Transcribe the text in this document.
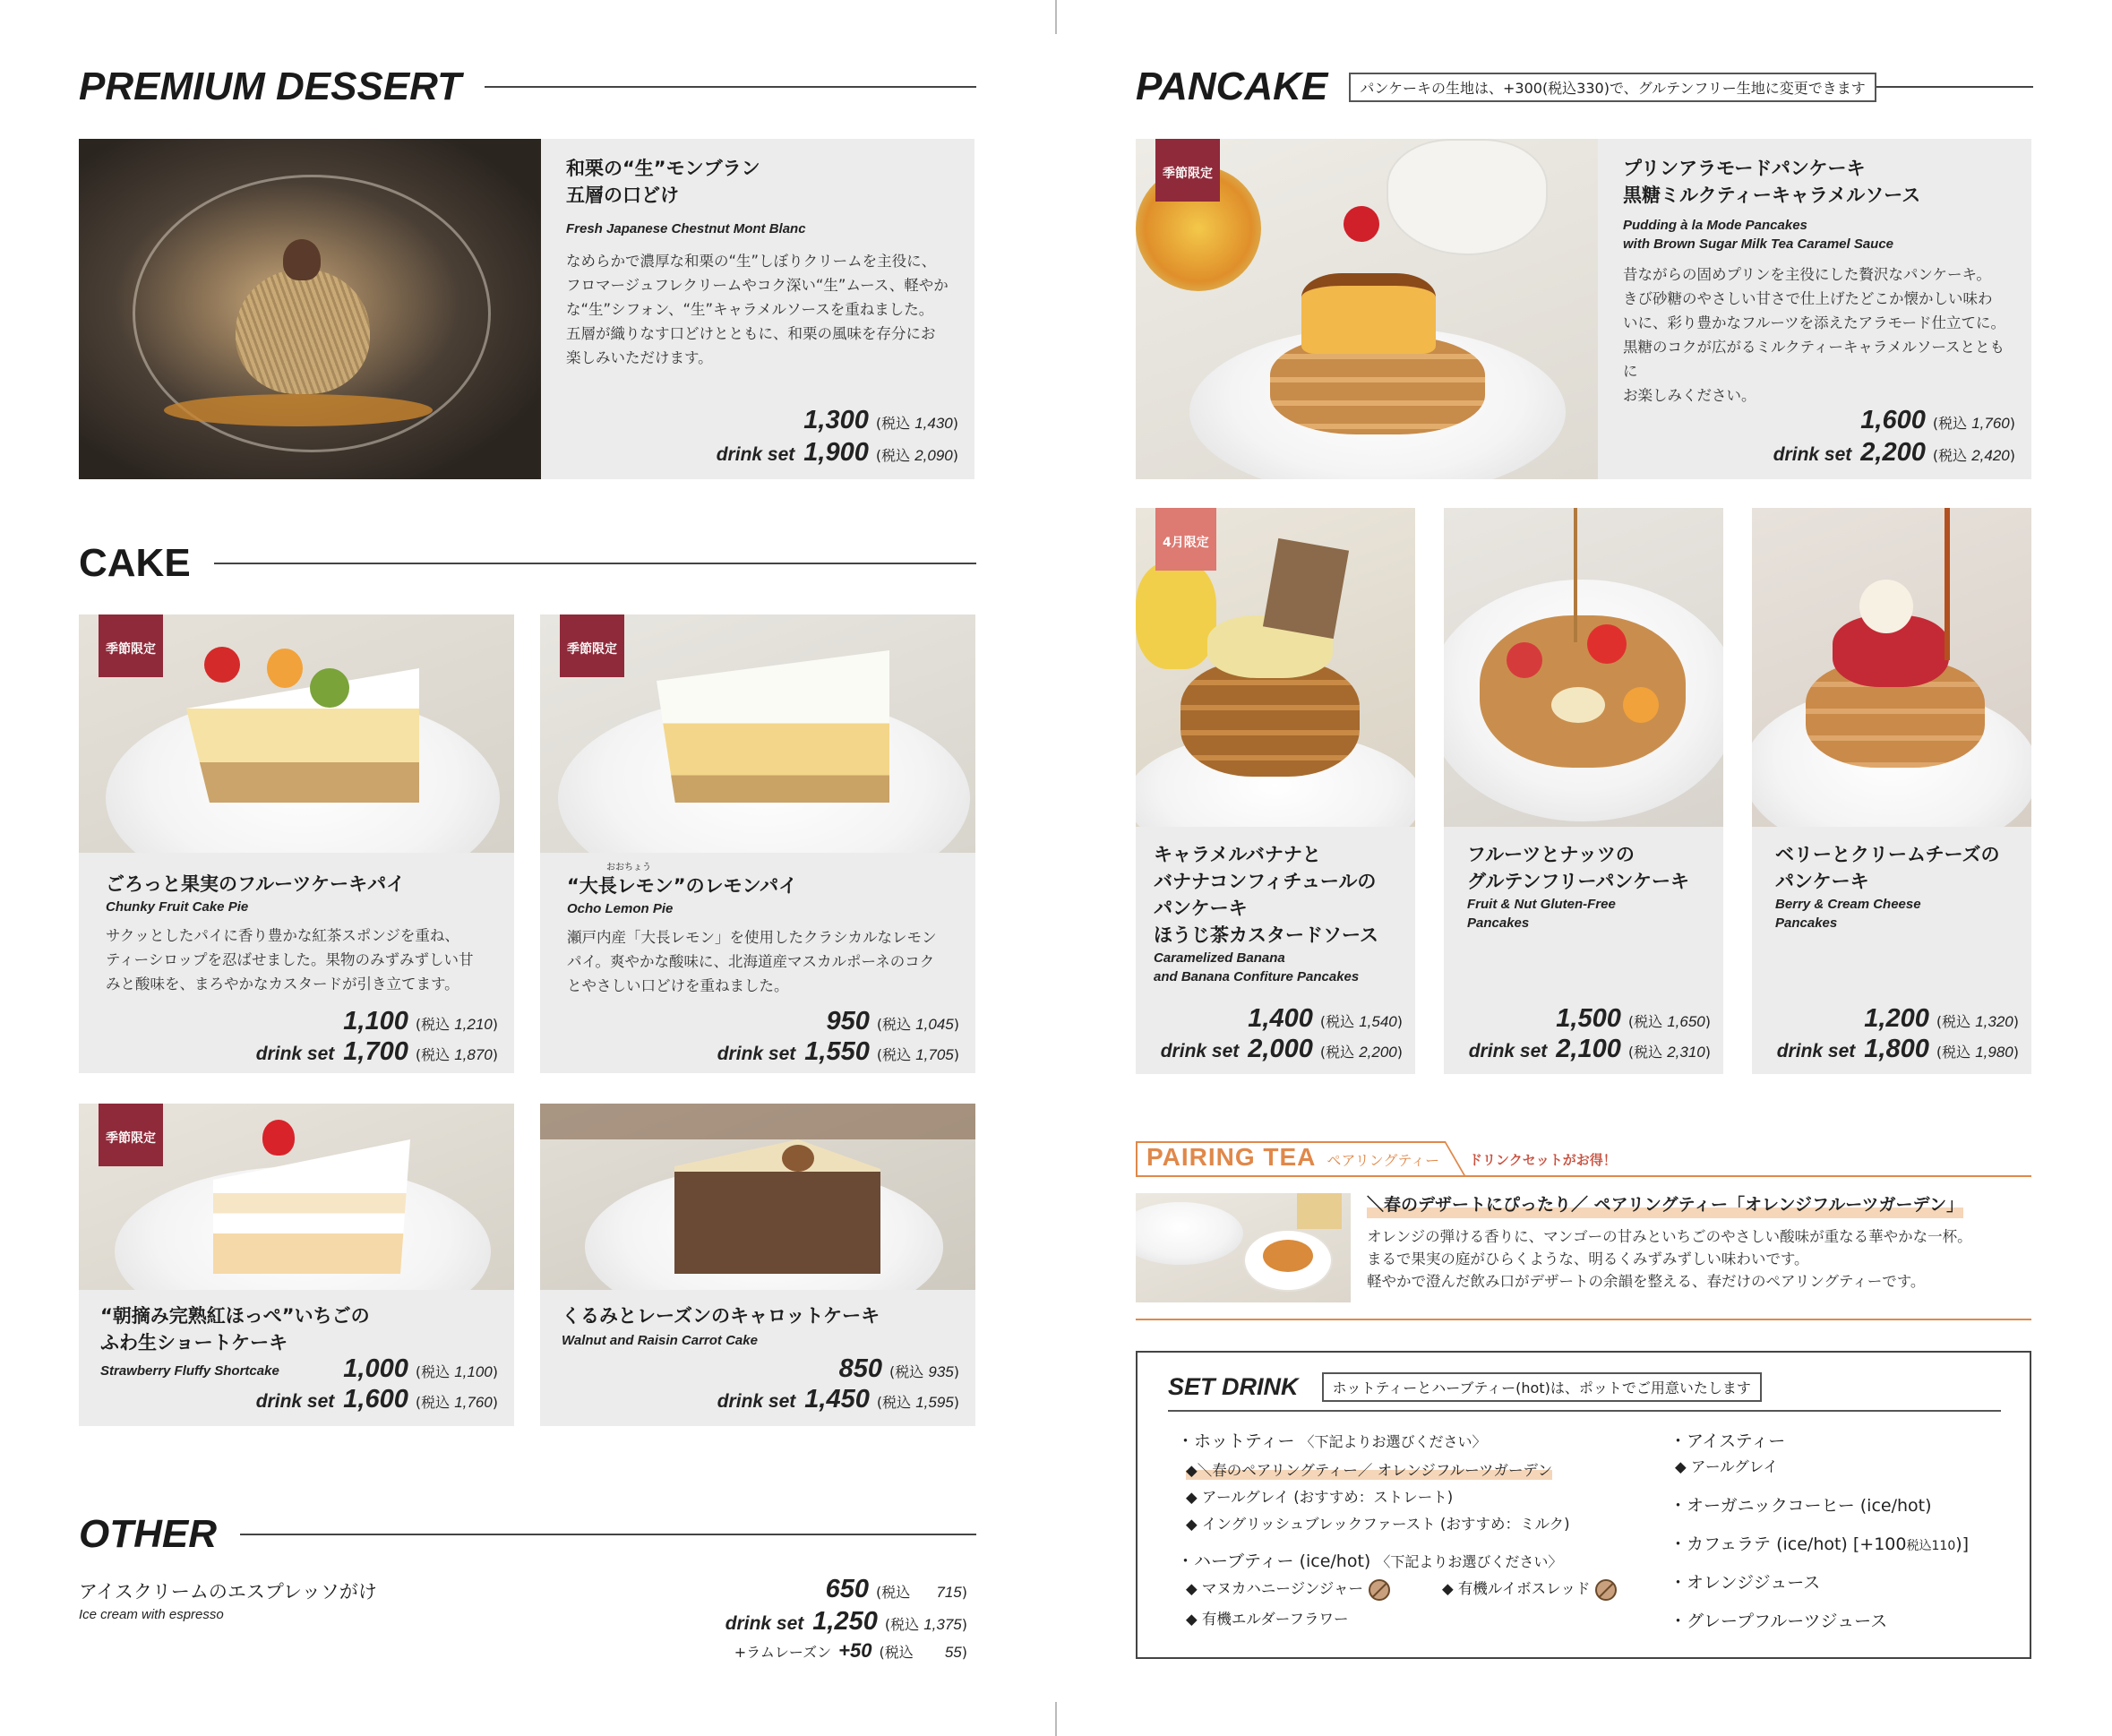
PREMIUM DESSERT
和栗の“生”モンブラン
五層の口どけ
Fresh Japanese Chestnut Mont Blanc
なめらかで濃厚な和栗の“生”しぼりクリームを主役に、
フロマージュフレクリームやコク深い“生”ムース、軽やか
な“生”シフォン、“生”キャラメルソースを重ねました。
五層が織りなす口どけとともに、和栗の風味を存分にお
楽しみいただけます。
1,300 (税込 1,430)
drink set 1,900 (税込 2,090)
CAKE
季節限定
ごろっと果実のフルーツケーキパイ
Chunky Fruit Cake Pie
サクッとしたパイに香り豊かな紅茶スポンジを重ね、
ティーシロップを忍ばせました。果物のみずみずしい甘
みと酸味を、まろやかなカスタードが引き立てます。
1,100 (税込 1,210)
drink set 1,700 (税込 1,870)
季節限定
おおちょう
“大長レモン”のレモンパイ
Ocho Lemon Pie
瀬戸内産「大長レモン」を使用したクラシカルなレモン
パイ。爽やかな酸味に、北海道産マスカルポーネのコク
とやさしい口どけを重ねました。
950 (税込 1,045)
drink set 1,550 (税込 1,705)
季節限定
“朝摘み完熟紅ほっぺ”いちごの
ふわ生ショートケーキ
Strawberry Fluffy Shortcake	1,000 (税込 1,100)
drink set 1,600 (税込 1,760)
くるみとレーズンのキャロットケーキ
Walnut and Raisin Carrot Cake
850 (税込 935)
drink set 1,450 (税込 1,595)
OTHER
アイスクリームのエスプレッソがけ
Ice cream with espresso
650 (税込 715)
drink set 1,250 (税込 1,375)
+ラムレーズン +50 (税込 55)
PANCAKE	パンケーキの生地は、+300(税込330)で、グルテンフリー生地に変更できます
季節限定	プリンアラモードパンケーキ
黒糖ミルクティーキャラメルソース
Pudding à la Mode Pancakes
with Brown Sugar Milk Tea Caramel Sauce
昔ながらの固めプリンを主役にした贅沢なパンケーキ。
きび砂糖のやさしい甘さで仕上げたどこか懐かしい味わ
いに、彩り豊かなフルーツを添えたアラモード仕立てに。
黒糖のコクが広がるミルクティーキャラメルソースとともに
お楽しみください。
1,600 (税込 1,760)
drink set 2,200 (税込 2,420)
4月限定
キャラメルバナナと
バナナコンフィチュールの
パンケーキ
ほうじ茶カスタードソース
Caramelized Banana
and Banana Confiture Pancakes
1,400 (税込 1,540)
drink set 2,000 (税込 2,200)
フルーツとナッツの
グルテンフリーパンケーキ
Fruit & Nut Gluten-Free
Pancakes
1,500 (税込 1,650)
drink set 2,100 (税込 2,310)
ベリーとクリームチーズの
パンケーキ
Berry & Cream Cheese
Pancakes
1,200 (税込 1,320)
drink set 1,800 (税込 1,980)
PAIRING TEA ペアリングティー ドリンクセットがお得！
＼春のデザートにぴったり／ ペアリングティー「オレンジフルーツガーデン」
オレンジの弾ける香りに、マンゴーの甘みといちごのやさしい酸味が重なる華やかな一杯。
まるで果実の庭がひらくような、明るくみずみずしい味わいです。
軽やかで澄んだ飲み口がデザートの余韻を整える、春だけのペアリングティーです。
SET DRINK	ホットティーとハーブティー(hot)は、ポットでご用意いたします
・ホットティー 〈下記よりお選びください〉
◆＼春のペアリングティー／ オレンジフルーツガーデン
◆ アールグレイ (おすすめ：ストレート)
◆ イングリッシュブレックファースト (おすすめ：ミルク)
・ハーブティー (ice/hot) 〈下記よりお選びください〉
◆ マヌカハニージンジャー	◆ 有機ルイボスレッド
◆ 有機エルダーフラワー
・アイスティー
◆ アールグレイ
・オーガニックコーヒー (ice/hot)
・カフェラテ (ice/hot) [+100税込110)]
・オレンジジュース
・グレープフルーツジュース
